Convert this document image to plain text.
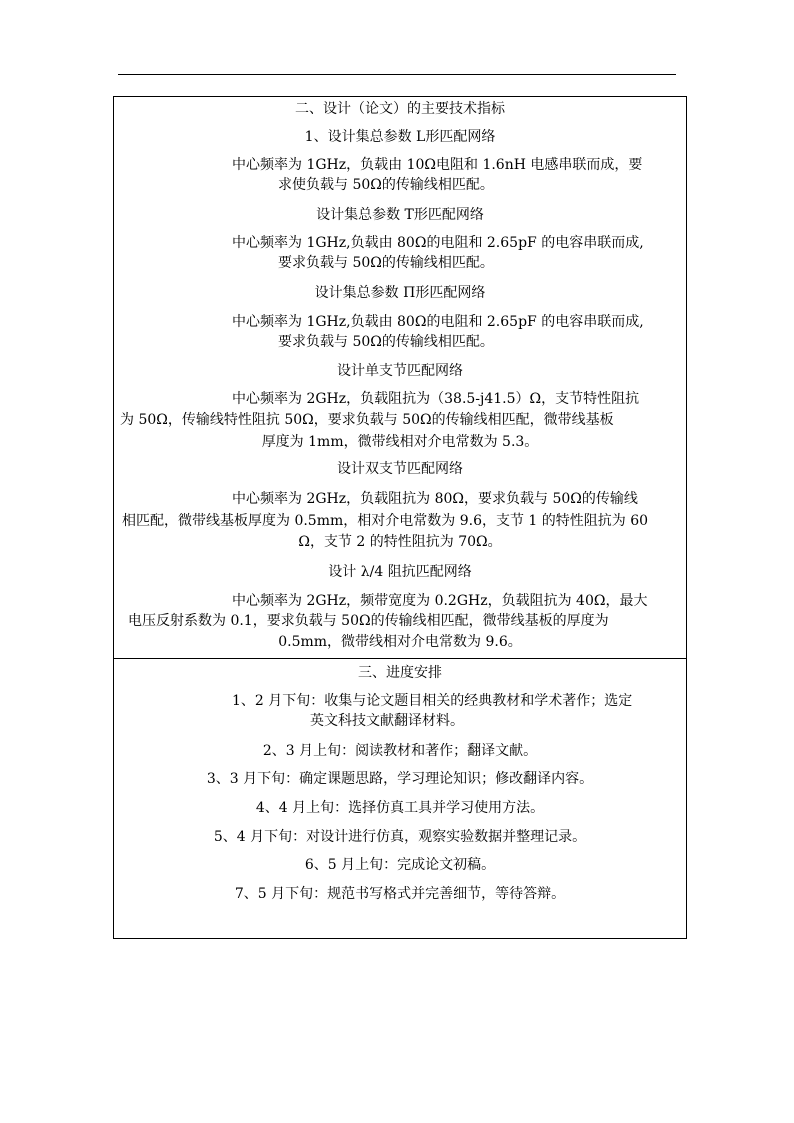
二、设计（论文）的主要技术指标
1、设计集总参数 L形匹配网络
中心频率为 1GHz，负载由 10Ω电阻和 1.6nH 电感串联而成，要
求使负载与 50Ω的传输线相匹配。
设计集总参数 T形匹配网络
中心频率为 1GHz,负载由 80Ω的电阻和 2.65pF 的电容串联而成,
要求负载与 50Ω的传输线相匹配。
设计集总参数 Π形匹配网络
中心频率为 1GHz,负载由 80Ω的电阻和 2.65pF 的电容串联而成,
要求负载与 50Ω的传输线相匹配。
设计单支节匹配网络
中心频率为 2GHz，负载阻抗为（38.5-j41.5）Ω，支节特性阻抗
为 50Ω，传输线特性阻抗 50Ω，要求负载与 50Ω的传输线相匹配，微带线基板
厚度为 1mm，微带线相对介电常数为 5.3。
设计双支节匹配网络
中心频率为 2GHz，负载阻抗为 80Ω，要求负载与 50Ω的传输线
相匹配，微带线基板厚度为 0.5mm，相对介电常数为 9.6，支节 1 的特性阻抗为 60
Ω，支节 2 的特性阻抗为 70Ω。
设计 λ/4 阻抗匹配网络
中心频率为 2GHz，频带宽度为 0.2GHz，负载阻抗为 40Ω，最大
电压反射系数为 0.1，要求负载与 50Ω的传输线相匹配，微带线基板的厚度为
0.5mm，微带线相对介电常数为 9.6。
三、进度安排
1、2 月下旬：收集与论文题目相关的经典教材和学术著作；选定
英文科技文献翻译材料。
2、3 月上旬：阅读教材和著作；翻译文献。
3、3 月下旬：确定课题思路，学习理论知识；修改翻译内容。
4、4 月上旬：选择仿真工具并学习使用方法。
5、4 月下旬：对设计进行仿真，观察实验数据并整理记录。
6、5 月上旬：完成论文初稿。
7、5 月下旬：规范书写格式并完善细节，等待答辩。
